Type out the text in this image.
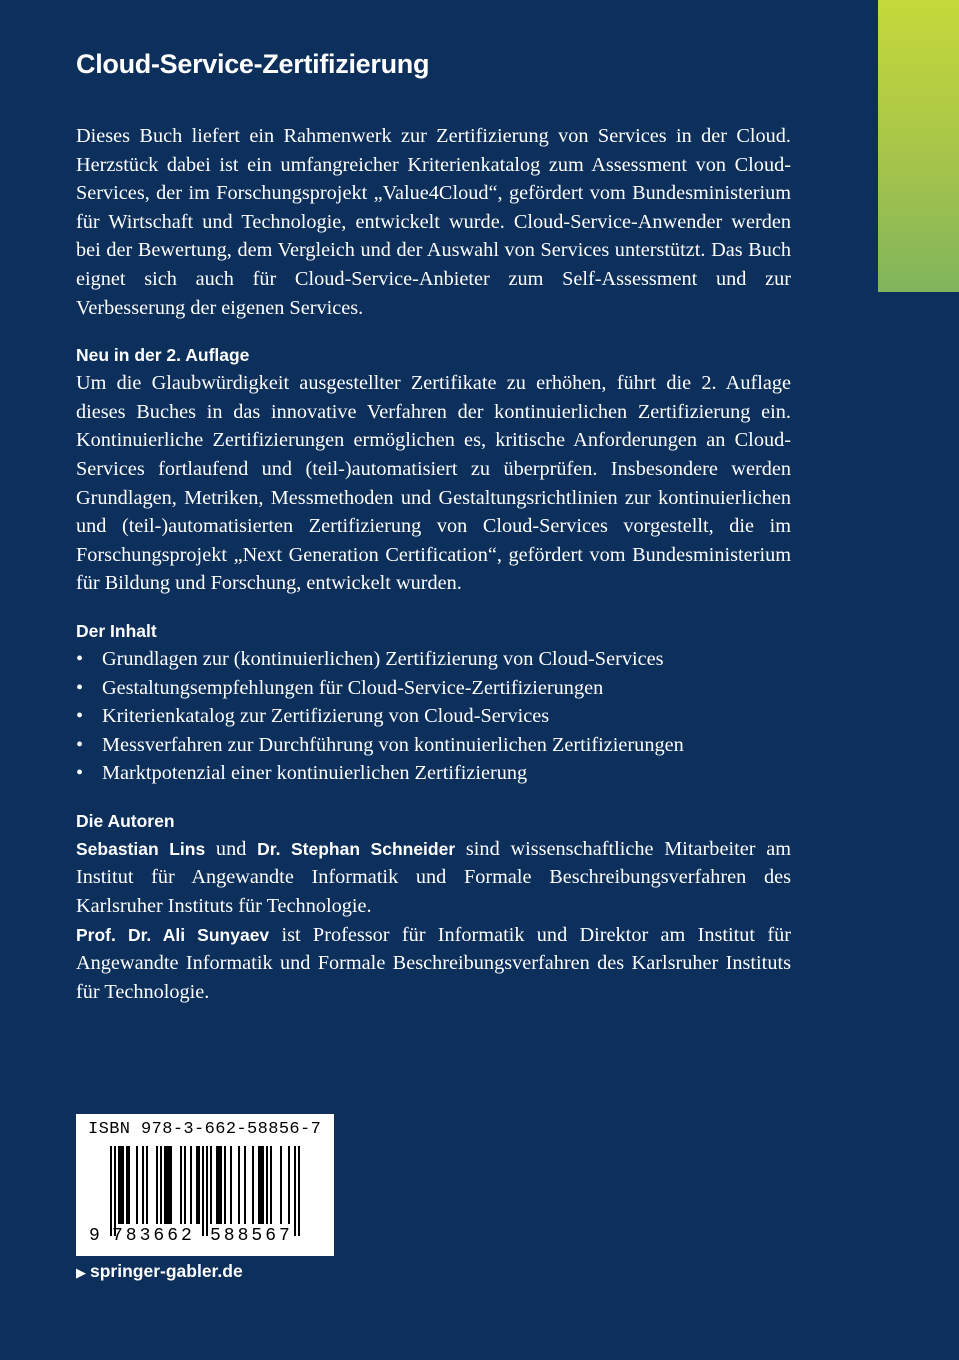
Cloud-Service-Zertifizierung

Dieses Buch liefert ein Rahmenwerk zur Zertifizierung von Services in der Cloud. Herzstück dabei ist ein umfangreicher Kriterienkatalog zum Assessment von Cloud-Services, der im Forschungsprojekt „Value4Cloud“, gefördert vom Bundesministerium für Wirtschaft und Technologie, entwickelt wurde. Cloud-Service-Anwender werden bei der Bewertung, dem Vergleich und der Auswahl von Services unterstützt. Das Buch eignet sich auch für Cloud-Service-Anbieter zum Self-Assessment und zur Verbesserung der eigenen Services.

Neu in der 2. Auflage

Um die Glaubwürdigkeit ausgestellter Zertifikate zu erhöhen, führt die 2. Auflage dieses Buches in das innovative Verfahren der kontinuierlichen Zertifizierung ein. Kontinuierliche Zertifizierungen ermöglichen es, kritische Anforderungen an Cloud-Services fortlaufend und (teil-)automatisiert zu überprüfen. Insbesondere werden Grundlagen, Metriken, Messmethoden und Gestaltungsrichtlinien zur kontinuierlichen und (teil-)automatisierten Zertifizierung von Cloud-Services vorgestellt, die im Forschungsprojekt „Next Generation Certification“, gefördert vom Bundesministerium für Bildung und Forschung, entwickelt wurden.

Der Inhalt
• Grundlagen zur (kontinuierlichen) Zertifizierung von Cloud-Services
• Gestaltungsempfehlungen für Cloud-Service-Zertifizierungen
• Kriterienkatalog zur Zertifizierung von Cloud-Services
• Messverfahren zur Durchführung von kontinuierlichen Zertifizierungen
• Marktpotenzial einer kontinuierlichen Zertifizierung
Die Autoren

Sebastian Lins und Dr. Stephan Schneider sind wissenschaftliche Mitarbeiter am Institut für Angewandte Informatik und Formale Beschreibungsverfahren des Karlsruher Instituts für Technologie.

Prof. Dr. Ali Sunyaev ist Professor für Informatik und Direktor am Institut für Angewandte Informatik und Formale Beschreibungsverfahren des Karlsruher Instituts für Technologie.

ISBN 978-3-662-58856-7
9 783662 588567
▶ springer-gabler.de
